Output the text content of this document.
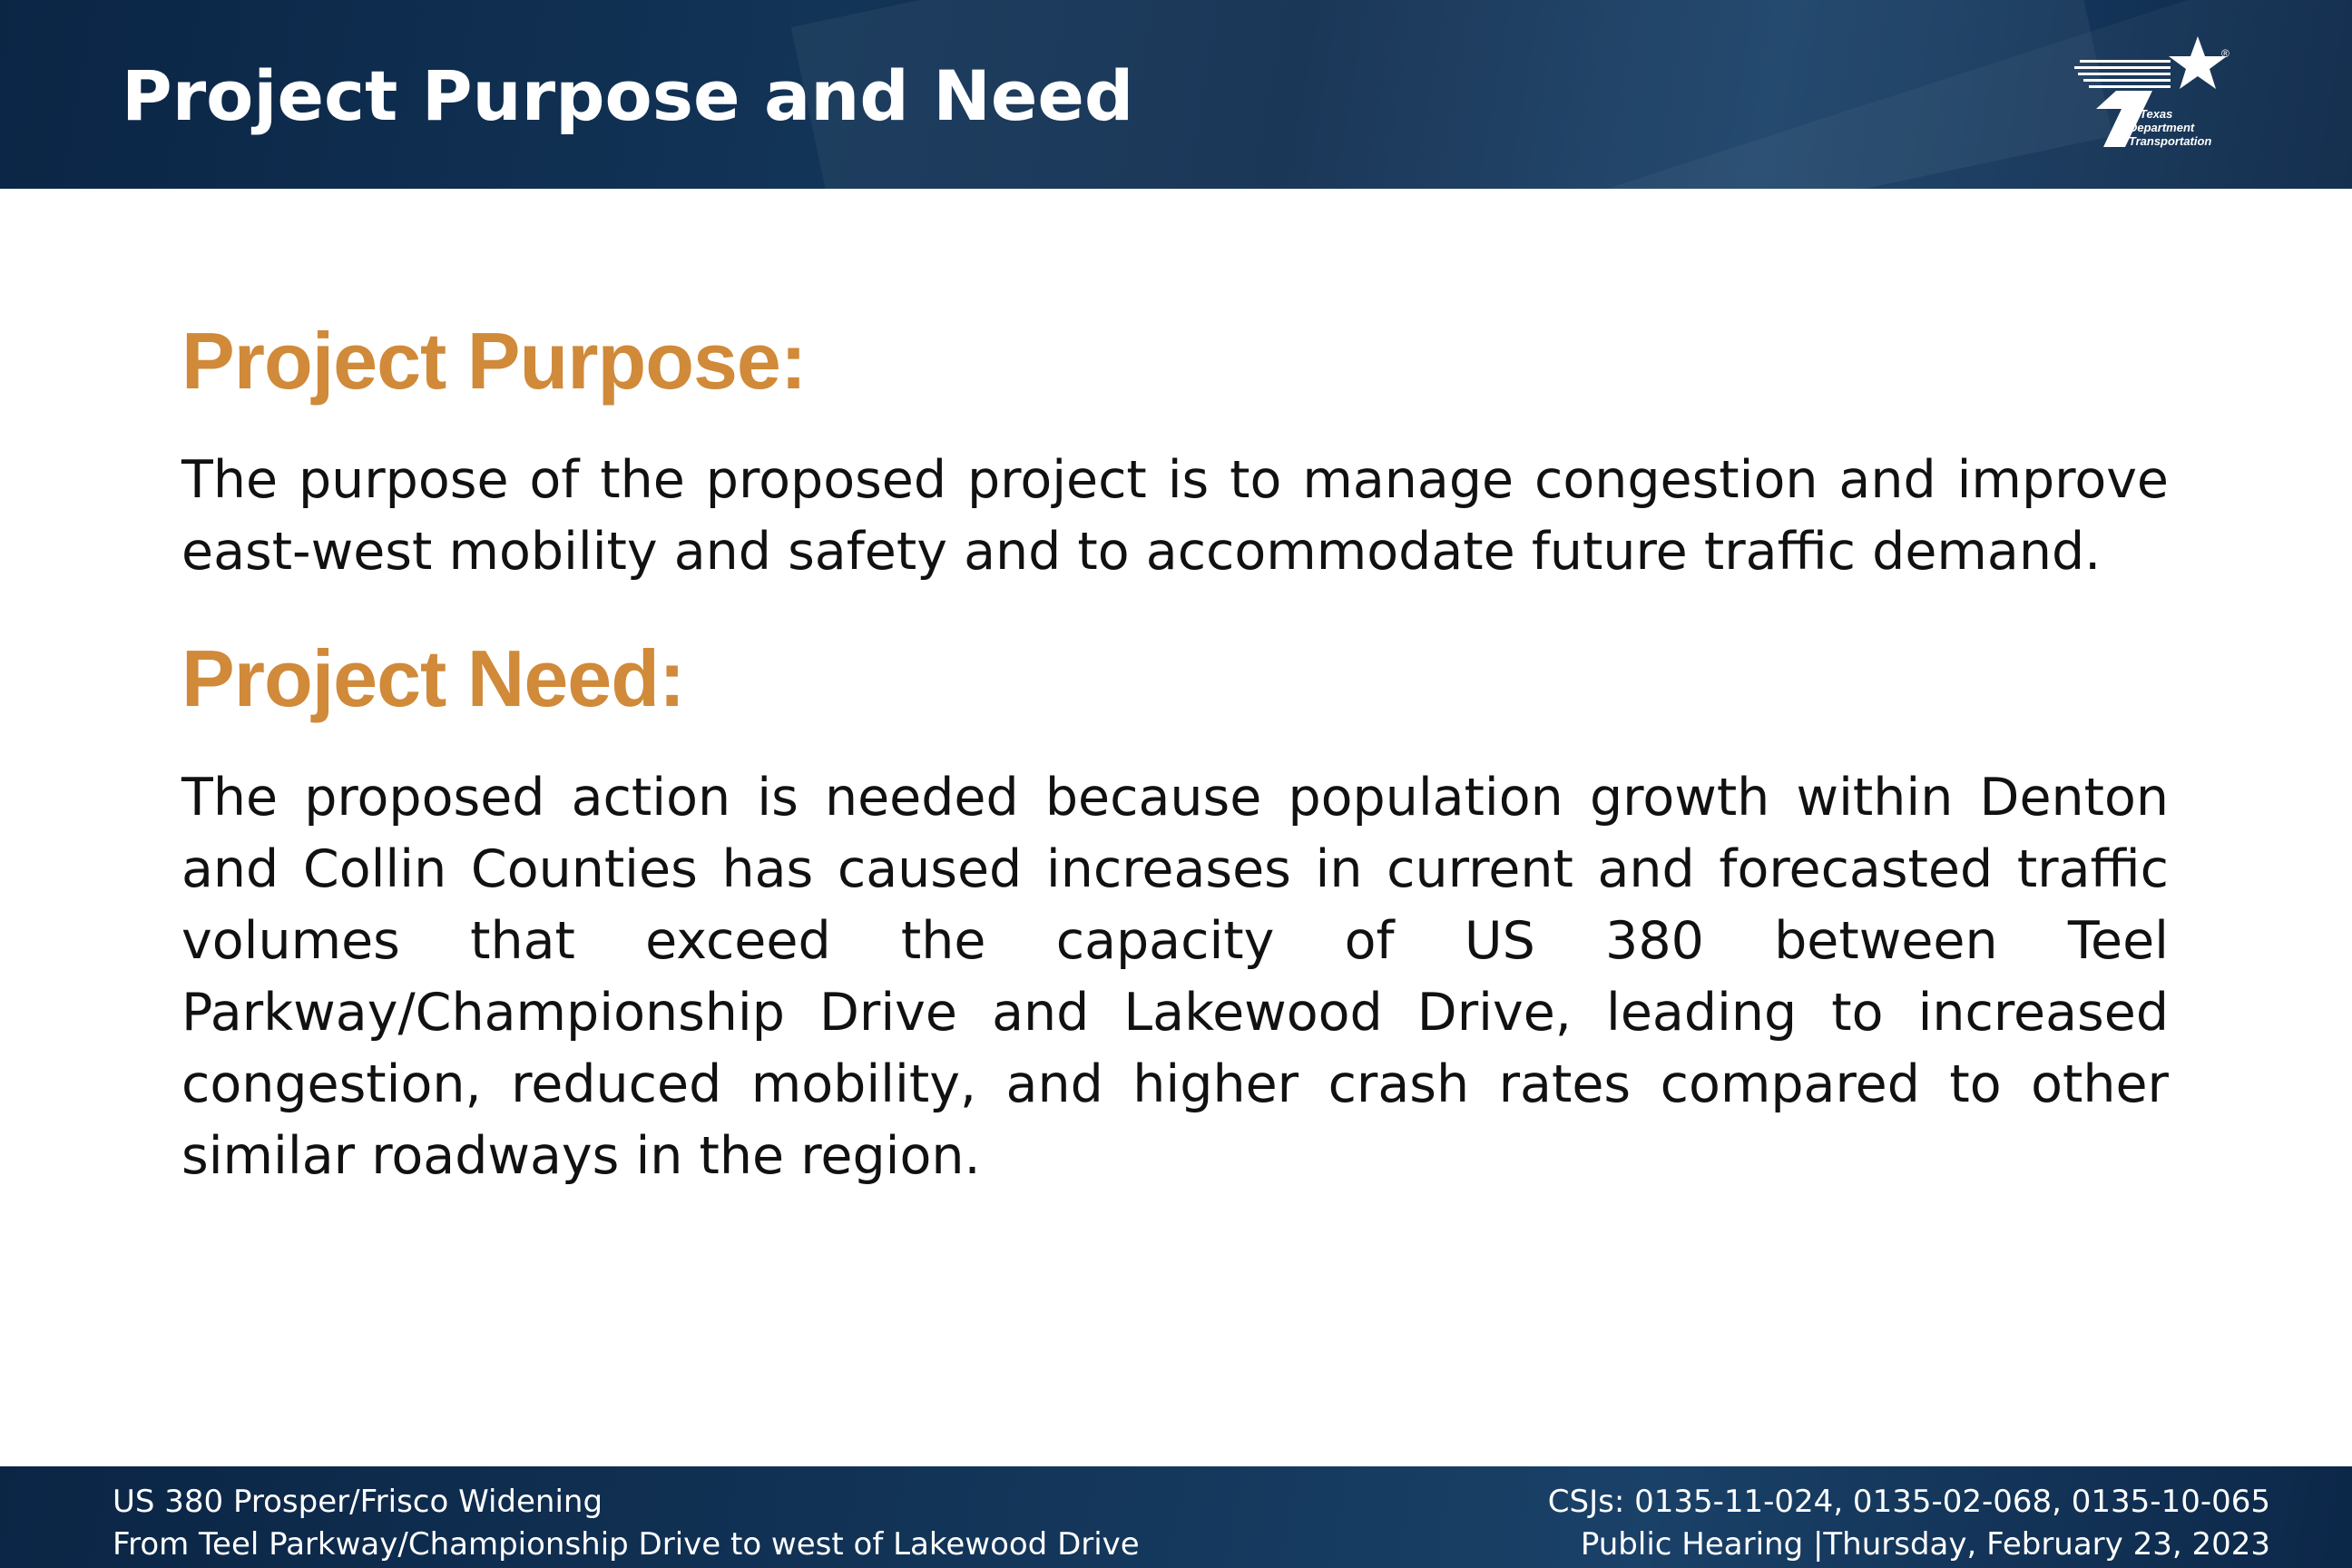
Project Purpose and Need
®
Texas
Department
of Transportation
Project Purpose:
The purpose of the proposed project is to manage congestion and improve east-west mobility and safety and to accommodate future traffic demand.
Project Need:
The proposed action is needed because population growth within Denton and Collin Counties has caused increases in current and forecasted traffic volumes that exceed the capacity of US 380 between Teel Parkway/Championship Drive and Lakewood Drive, leading to increased congestion, reduced mobility, and higher crash rates compared to other similar roadways in the region.
US 380 Prosper/Frisco Widening
From Teel Parkway/Championship Drive to west of Lakewood Drive
CSJs: 0135-11-024, 0135-02-068, 0135-10-065
Public Hearing |Thursday, February 23, 2023
